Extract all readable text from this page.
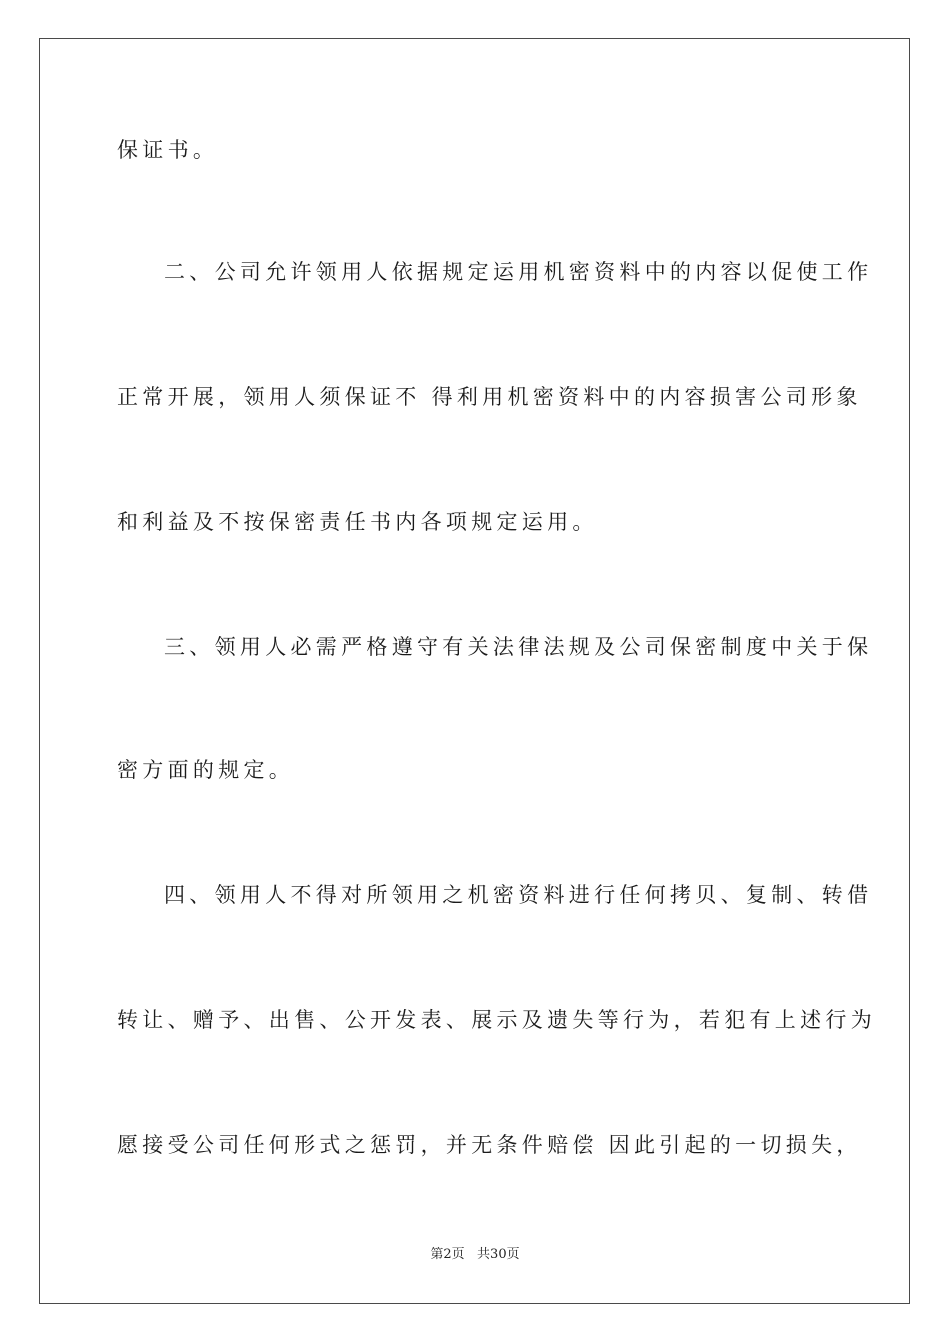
保证书。

二、公司允许领用人依据规定运用机密资料中的内容以促使工作

正常开展，领用人须保证不 得利用机密资料中的内容损害公司形象

和利益及不按保密责任书内各项规定运用。

三、领用人必需严格遵守有关法律法规及公司保密制度中关于保

密方面的规定。

四、领用人不得对所领用之机密资料进行任何拷贝、复制、转借

转让、赠予、出售、公开发表、展示及遗失等行为，若犯有上述行为

愿接受公司任何形式之惩罚，并无条件赔偿 因此引起的一切损失，

第2页   共30页
